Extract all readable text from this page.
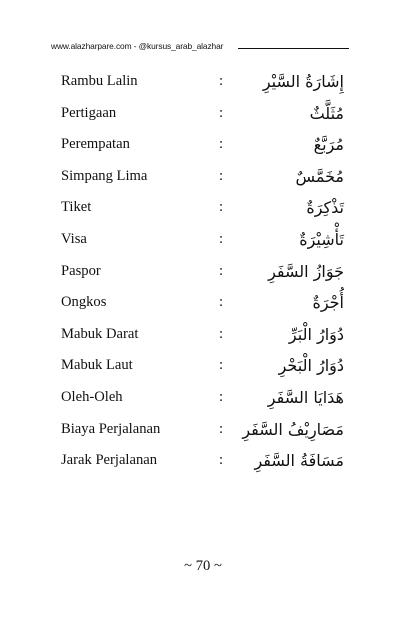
www.alazharpare.com - @kursus_arab_alazhar
Rambu Lalin	: إِشَارَةُ السَّيْرِ
Pertigaan	:	مُثَلَّثٌ
Perempatan	:	مُرَبَّعٌ
Simpang Lima	:	مُخَمَّسٌ
Tiket	:	تَذْكِرَةٌ
Visa	:	تَأْشِيْرَةٌ
Paspor	:	جَوَازُ السَّفَرِ
Ongkos	:	أُجْرَةٌ
Mabuk Darat	:	دُوَارُ الْبَرِّ
Mabuk Laut	:	دُوَارُ الْبَحْرِ
Oleh-Oleh	:	هَدَايَا السَّفَرِ
Biaya Perjalanan	: مَصَارِيْفُ السَّفَرِ
Jarak Perjalanan	: مَسَافَةُ السَّفَرِ
~ 70 ~
